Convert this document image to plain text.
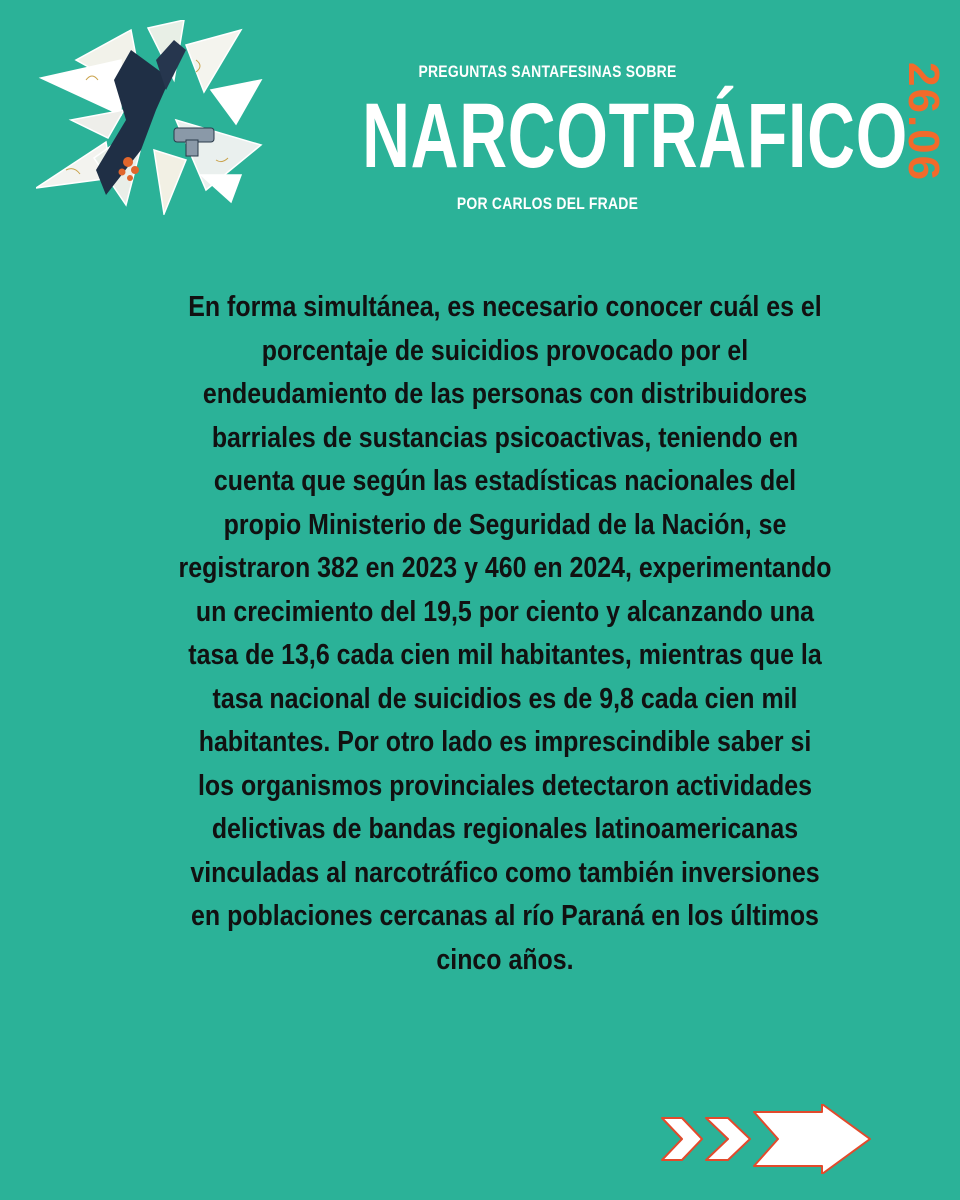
PREGUNTAS SANTAFESINAS SOBRE
NARCOTRÁFICO
POR CARLOS DEL FRADE
26.06

En forma simultánea, es necesario conocer cuál es el porcentaje de suicidios provocado por el endeudamiento de las personas con distribuidores barriales de sustancias psicoactivas, teniendo en cuenta que según las estadísticas nacionales del propio Ministerio de Seguridad de la Nación, se registraron 382 en 2023 y 460 en 2024, experimentando un crecimiento del 19,5 por ciento y alcanzando una tasa de 13,6 cada cien mil habitantes, mientras que la tasa nacional de suicidios es de 9,8 cada cien mil habitantes. Por otro lado es imprescindible saber si los organismos provinciales detectaron actividades delictivas de bandas regionales latinoamericanas vinculadas al narcotráfico como también inversiones en poblaciones cercanas al río Paraná en los últimos cinco años.
